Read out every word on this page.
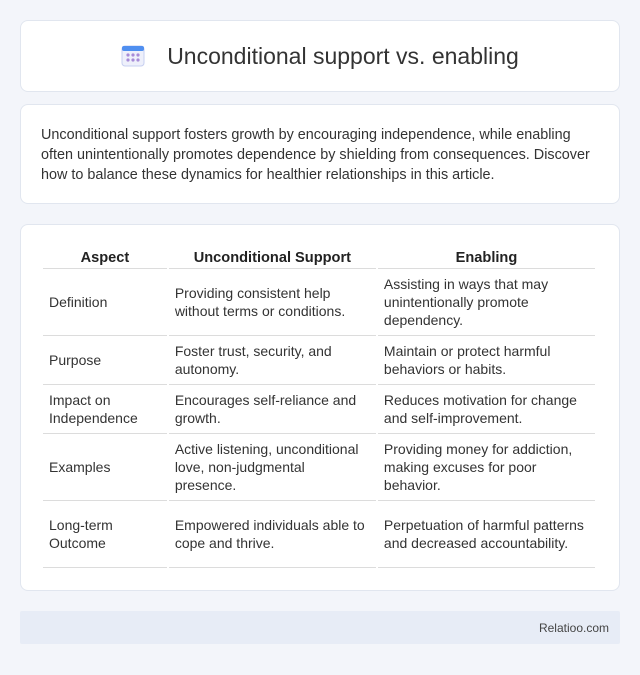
Unconditional support vs. enabling

Unconditional support fosters growth by encouraging independence, while enabling often unintentionally promotes dependence by shielding from consequences. Discover how to balance these dynamics for healthier relationships in this article.

Aspect	Unconditional Support	Enabling
Definition	Providing consistent help without terms or conditions.	Assisting in ways that may unintentionally promote dependency.
Purpose	Foster trust, security, and autonomy.	Maintain or protect harmful behaviors or habits.
Impact on Independence	Encourages self-reliance and growth.	Reduces motivation for change and self-improvement.
Examples	Active listening, unconditional love, non-judgmental presence.	Providing money for addiction, making excuses for poor behavior.
Long-term Outcome	Empowered individuals able to cope and thrive.	Perpetuation of harmful patterns and decreased accountability.
Relatioo.com
